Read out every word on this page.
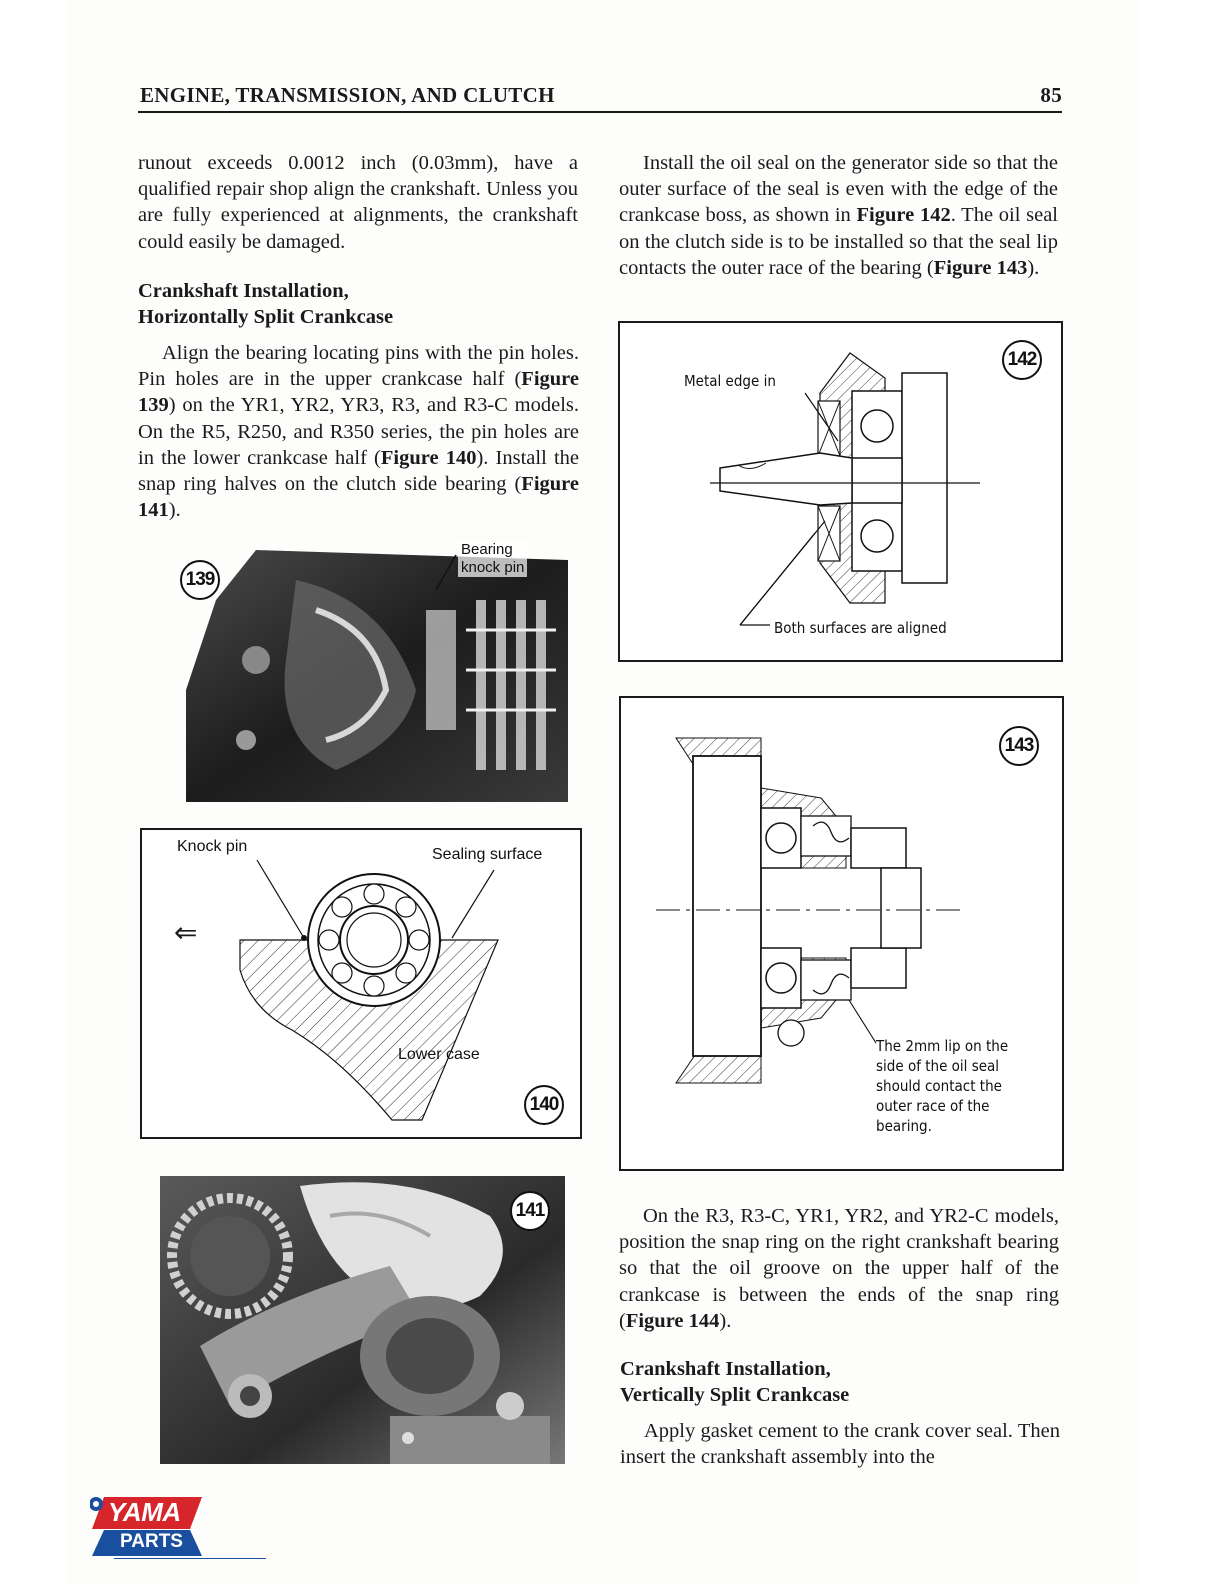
ENGINE, TRANSMISSION, AND CLUTCH	85

runout exceeds 0.0012 inch (0.03mm), have a qualified repair shop align the crankshaft. Unless you are fully experienced at alignments, the crankshaft could easily be damaged.

Crankshaft Installation,
Horizontally Split Crankcase

Align the bearing locating pins with the pin holes. Pin holes are in the upper crankcase half (Figure 139) on the YR1, YR2, YR3, R3, and R3-C models. On the R5, R250, and R350 series, the pin holes are in the lower crankcase half (Figure 140). Install the snap ring halves on the clutch side bearing (Figure 141).

139
Bearing
knock pin
Knock pin	Sealing surface
Lower case
⇐
140
141

Install the oil seal on the generator side so that the outer surface of the seal is even with the edge of the crankcase boss, as shown in Figure 142. The oil seal on the clutch side is to be installed so that the seal lip contacts the outer race of the bearing (Figure 143).

Metal edge in
Both surfaces are aligned
142
The 2mm lip on the
side of the oil seal
should contact the
outer race of the
bearing.
143

On the R3, R3-C, YR1, YR2, and YR2-C models, position the snap ring on the right crankshaft bearing so that the oil groove on the upper half of the crankcase is between the ends of the snap ring (Figure 144).

Crankshaft Installation,
Vertically Split Crankcase

Apply gasket cement to the crank cover seal. Then insert the crankshaft assembly into the

YAMA
PARTS
